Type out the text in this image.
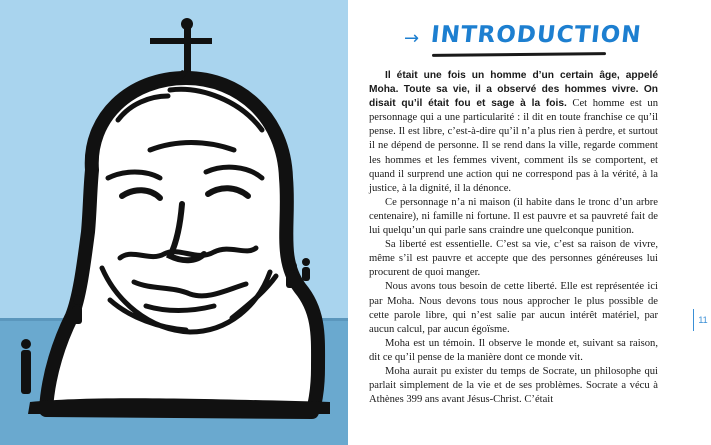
→ INTRODUCTION

Il était une fois un homme d’un certain âge, appelé Moha. Toute sa vie, il a observé des hommes vivre. On disait qu’il était fou et sage à la fois. Cet homme est un personnage qui a une particularité : il dit en toute franchise ce qu’il pense. Il est libre, c’est-à-dire qu’il n’a plus rien à perdre, et surtout il ne dépend de personne. Il se rend dans la ville, regarde comment les hommes et les femmes vivent, comment ils se comportent, et quand il surprend une action qui ne correspond pas à la vérité, à la justice, à la dignité, il la dénonce.

Ce personnage n’a ni maison (il habite dans le tronc d’un arbre centenaire), ni famille ni fortune. Il est pauvre et sa pauvreté fait de lui quelqu’un qui parle sans craindre une quelconque punition.

Sa liberté est essentielle. C’est sa vie, c’est sa raison de vivre, même s’il est pauvre et accepte que des personnes généreuses lui procurent de quoi manger.

Nous avons tous besoin de cette liberté. Elle est représentée ici par Moha. Nous devons tous nous approcher le plus possible de cette parole libre, qui n’est salie par aucun intérêt matériel, par aucun calcul, par aucun égoïsme.

Moha est un témoin. Il observe le monde et, suivant sa raison, dit ce qu’il pense de la manière dont ce monde vit.

Moha aurait pu exister du temps de Socrate, un philosophe qui parlait simplement de la vie et de ses problèmes. Socrate a vécu à Athènes 399 ans avant Jésus-Christ. C’était

11
